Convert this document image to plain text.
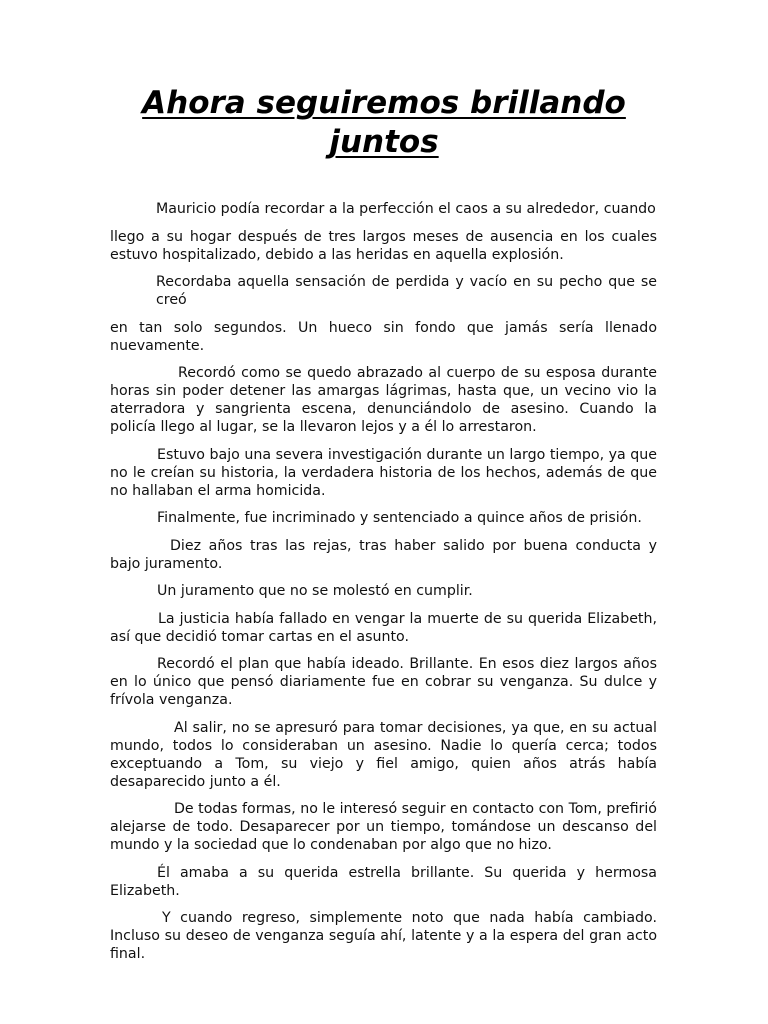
Ahora seguiremos brillando juntos

Mauricio podía recordar a la perfección el caos a su alrededor, cuando

llego a su hogar después de tres largos meses de ausencia en los cuales estuvo hospitalizado, debido a las heridas en aquella explosión.

Recordaba aquella sensación de perdida y vacío en su pecho que se creó

en tan solo segundos. Un hueco sin fondo que jamás sería llenado nuevamente.

Recordó como se quedo abrazado al cuerpo de su esposa durante horas sin poder detener las amargas lágrimas, hasta que, un vecino vio la aterradora y sangrienta escena, denunciándolo de asesino. Cuando la policía llego al lugar, se la llevaron lejos y a él lo arrestaron.

Estuvo bajo una severa investigación durante un largo tiempo, ya que no le creían su historia, la verdadera historia de los hechos, además de que no hallaban el arma homicida.

Finalmente, fue incriminado y sentenciado a quince años de prisión.

Diez años tras las rejas, tras haber salido por buena conducta y bajo juramento.

Un juramento que no se molestó en cumplir.

La justicia había fallado en vengar la muerte de su querida Elizabeth, así que decidió tomar cartas en el asunto.

Recordó el plan que había ideado. Brillante. En esos diez largos años en lo único que pensó diariamente fue en cobrar su venganza. Su dulce y frívola venganza.

Al salir, no se apresuró para tomar decisiones, ya que, en su actual mundo, todos lo consideraban un asesino. Nadie lo quería cerca; todos exceptuando a Tom, su viejo y fiel amigo, quien años atrás había desaparecido junto a él.

De todas formas, no le interesó seguir en contacto con Tom, prefirió alejarse de todo. Desaparecer por un tiempo, tomándose un descanso del mundo y la sociedad que lo condenaban por algo que no hizo.

Él amaba a su querida estrella brillante. Su querida y hermosa Elizabeth.

Y cuando regreso, simplemente noto que nada había cambiado. Incluso su deseo de venganza seguía ahí, latente y a la espera del gran acto final.
